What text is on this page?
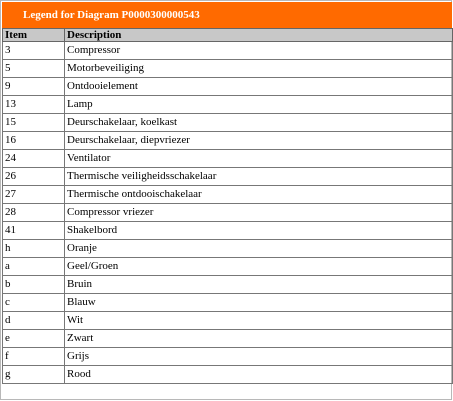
Legend for Diagram P0000300000543
Item	Description
3	Compressor
5	Motorbeveiliging
9	Ontdooielement
13	Lamp
15	Deurschakelaar, koelkast
16	Deurschakelaar, diepvriezer
24	Ventilator
26	Thermische veiligheidsschakelaar
27	Thermische ontdooischakelaar
28	Compressor vriezer
41	Shakelbord
h	Oranje
a	Geel/Groen
b	Bruin
c	Blauw
d	Wit
e	Zwart
f	Grijs
g	Rood
